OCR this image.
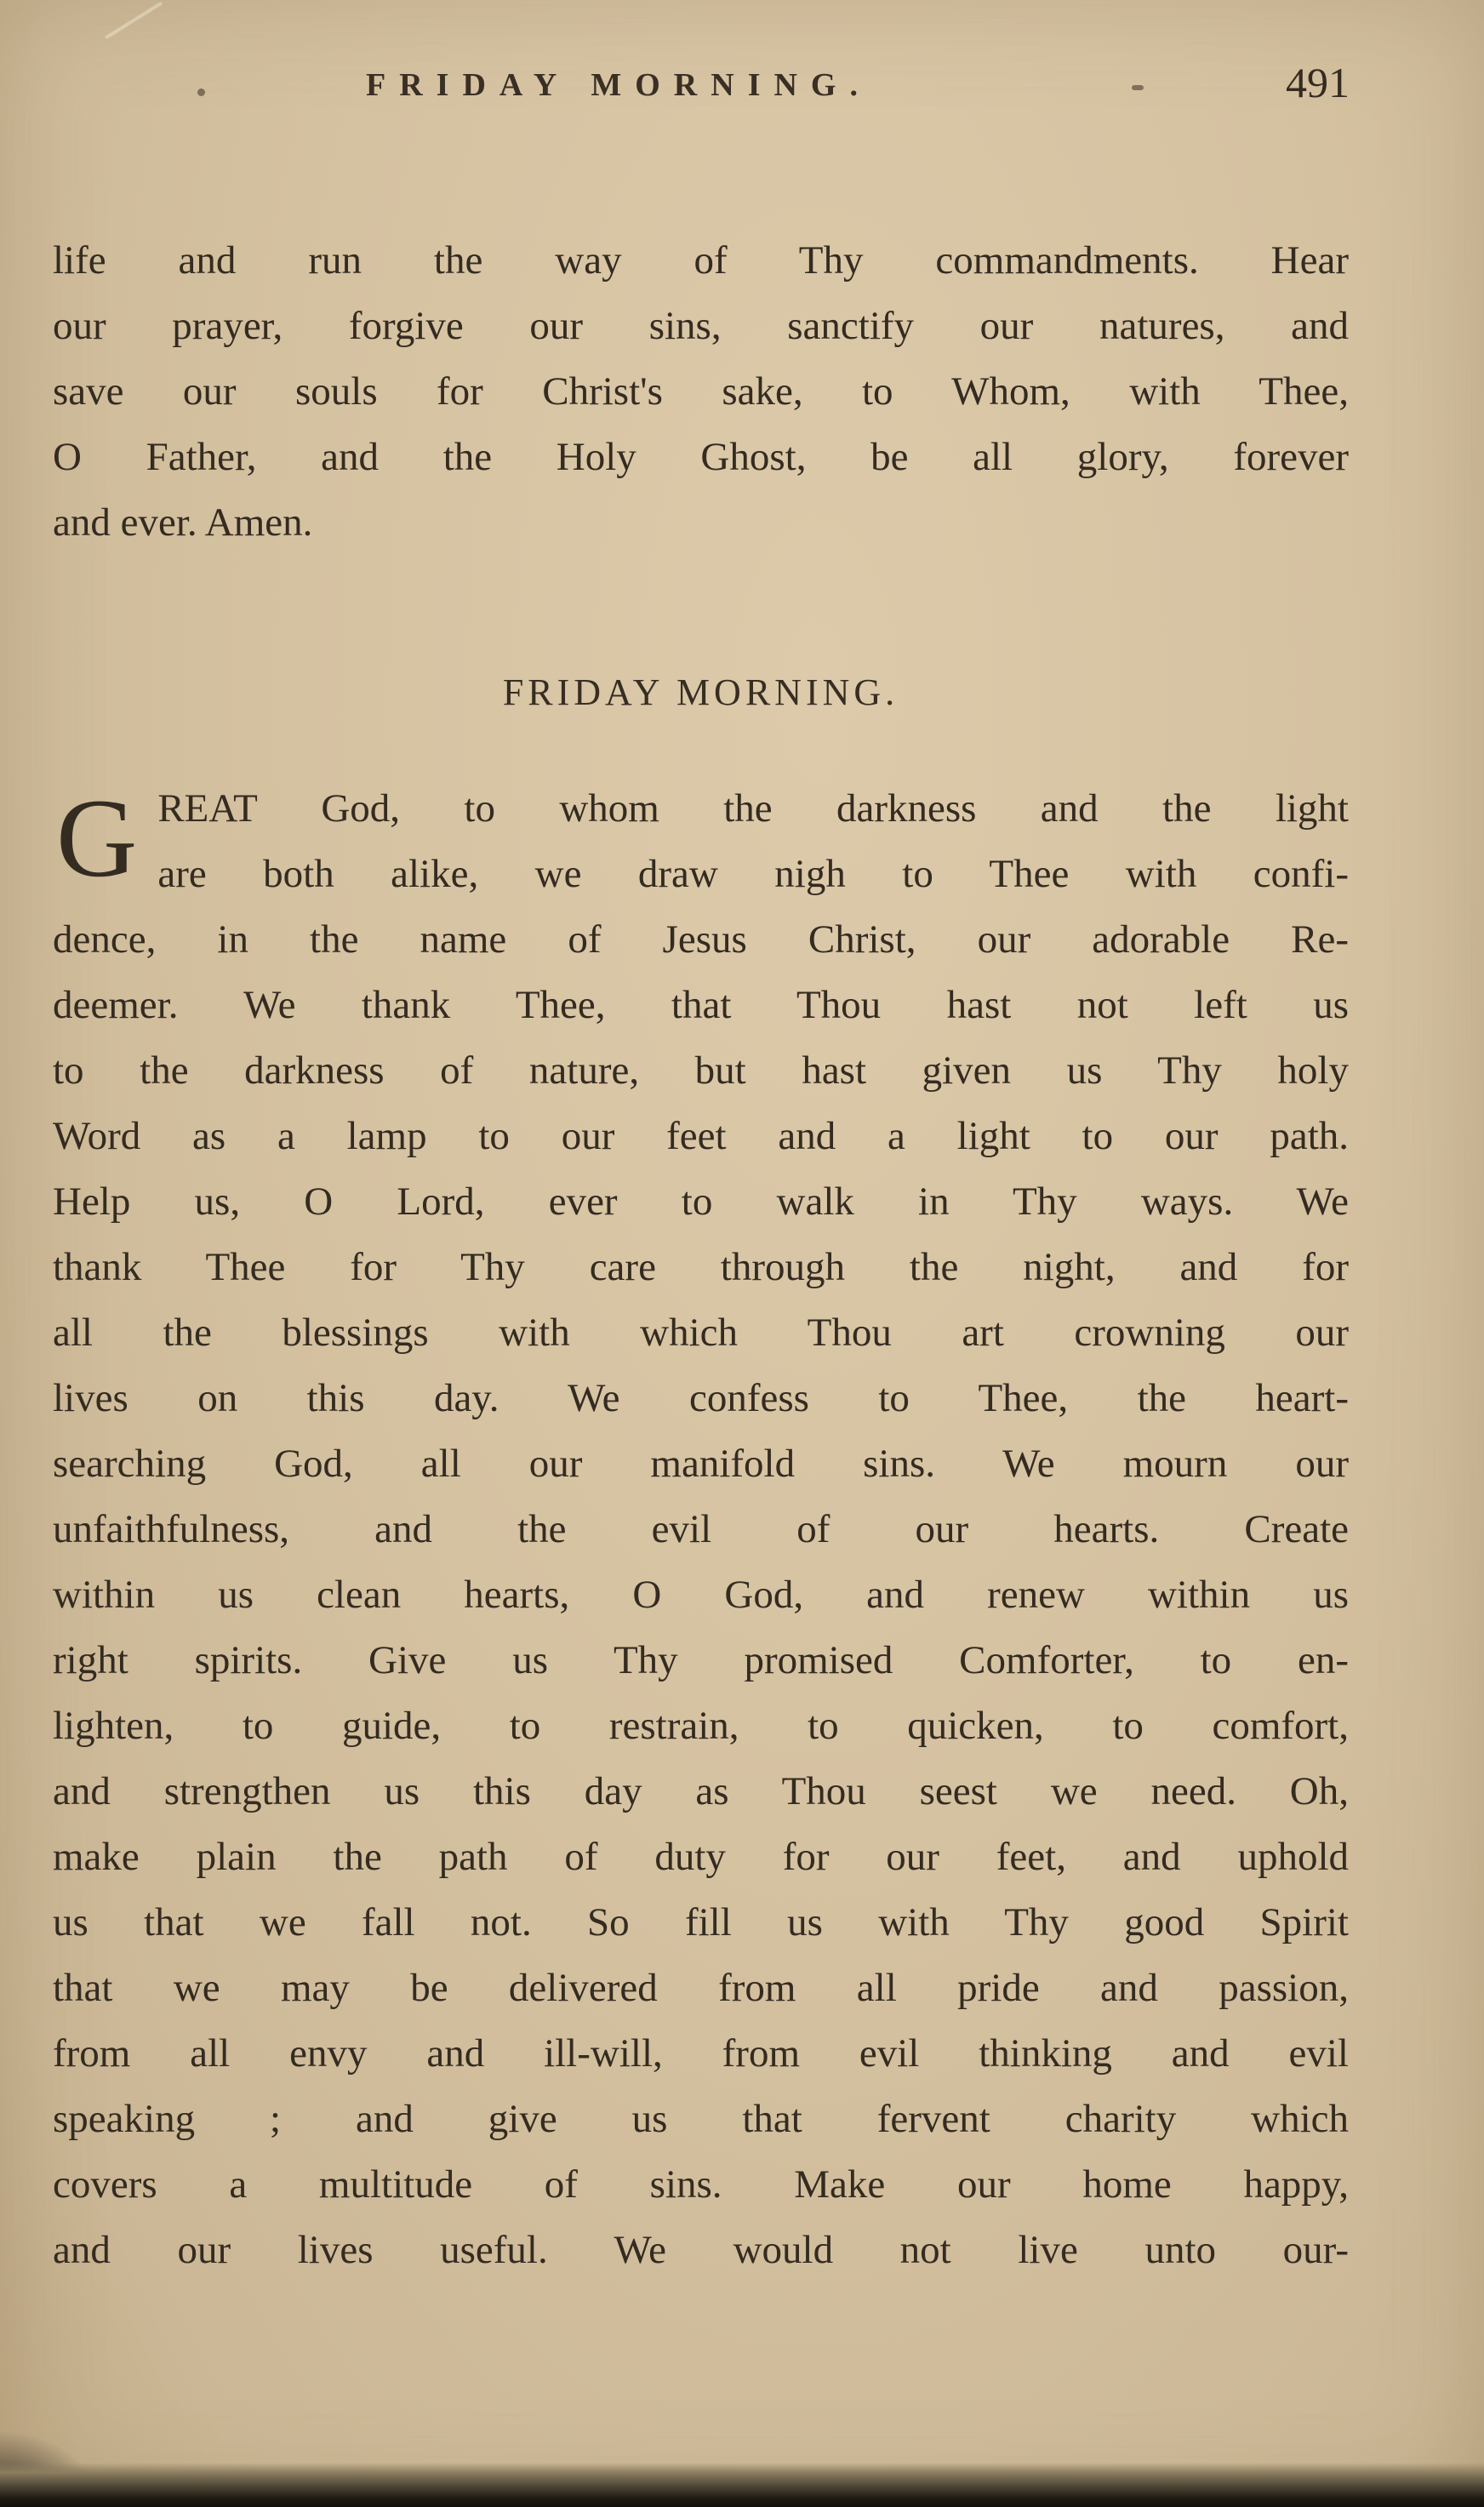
FRIDAY MORNING.	491
life and run the way of Thy commandments. Hear
our prayer, forgive our sins, sanctify our natures, and
save our souls for Christ's sake, to Whom, with Thee,
O Father, and the Holy Ghost, be all glory, forever
and ever. Amen.
FRIDAY MORNING.
G REAT God, to whom the darkness and the light
are both alike, we draw nigh to Thee with confi-
dence, in the name of Jesus Christ, our adorable Re-
deemer. We thank Thee, that Thou hast not left us
to the darkness of nature, but hast given us Thy holy
Word as a lamp to our feet and a light to our path.
Help us, O Lord, ever to walk in Thy ways. We
thank Thee for Thy care through the night, and for
all the blessings with which Thou art crowning our
lives on this day. We confess to Thee, the heart-
searching God, all our manifold sins. We mourn our
unfaithfulness, and the evil of our hearts. Create
within us clean hearts, O God, and renew within us
right spirits. Give us Thy promised Comforter, to en-
lighten, to guide, to restrain, to quicken, to comfort,
and strengthen us this day as Thou seest we need. Oh,
make plain the path of duty for our feet, and uphold
us that we fall not. So fill us with Thy good Spirit
that we may be delivered from all pride and passion,
from all envy and ill-will, from evil thinking and evil
speaking ; and give us that fervent charity which
covers a multitude of sins. Make our home happy,
and our lives useful. We would not live unto our-
